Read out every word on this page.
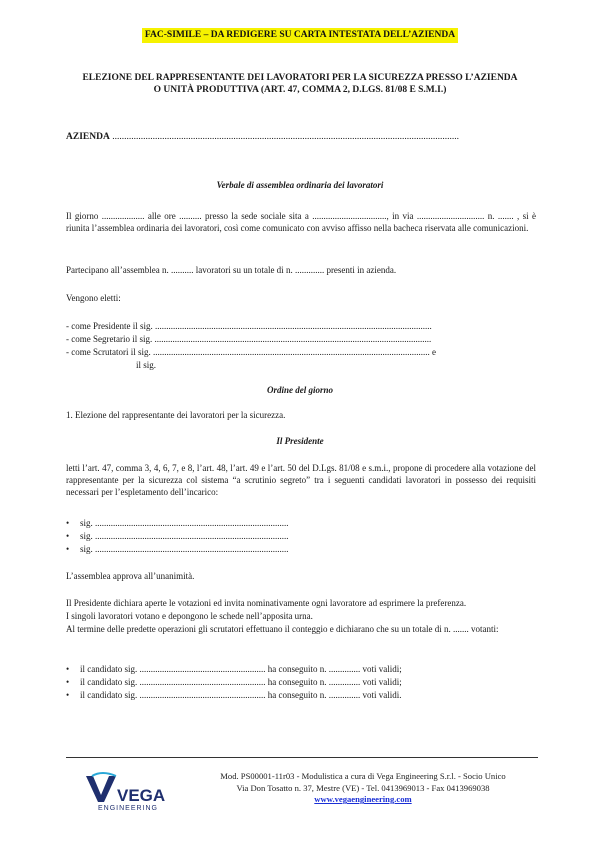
FAC-SIMILE – DA REDIGERE SU CARTA INTESTATA DELL’AZIENDA
ELEZIONE DEL RAPPRESENTANTE DEI LAVORATORI PER LA SICUREZZA PRESSO L’AZIENDA
O UNITÀ PRODUTTIVA (ART. 47, COMMA 2, D.LGS. 81/08 E S.M.I.)
AZIENDA ..................................................................................................................................................
Verbale di assemblea ordinaria dei lavoratori
Il giorno ................... alle ore .......... presso la sede sociale sita a ................................., in via .............................. n. ....... , si è riunita l’assemblea ordinaria dei lavoratori, così come comunicato con avviso affisso nella bacheca riservata alle comunicazioni.
Partecipano all’assemblea n. .......... lavoratori su un totale di n. ............. presenti in azienda.
Vengono eletti:
- come Presidente il sig. ...........................................................................................................................
- come Segretario il sig. ...........................................................................................................................
- come Scrutatori il sig. ........................................................................................................................... e
il sig.
Ordine del giorno
1. Elezione del rappresentante dei lavoratori per la sicurezza.
Il Presidente
letti l’art. 47, comma 3, 4, 6, 7, e 8, l’art. 48, l’art. 49 e l’art. 50 del D.Lgs. 81/08 e s.m.i., propone di procedere alla votazione del rappresentante per la sicurezza col sistema “a scrutinio segreto” tra i seguenti candidati lavoratori in possesso dei requisiti necessari per l’espletamento dell’incarico:
• sig. ......................................................................................
• sig. ......................................................................................
• sig. ......................................................................................
L’assemblea approva all’unanimità.
Il Presidente dichiara aperte le votazioni ed invita nominativamente ogni lavoratore ad esprimere la preferenza.
I singoli lavoratori votano e depongono le schede nell’apposita urna.
Al termine delle predette operazioni gli scrutatori effettuano il conteggio e dichiarano che su un totale di n. ....... votanti:
• il candidato sig. ........................................................ ha conseguito n. .............. voti validi;
• il candidato sig. ........................................................ ha conseguito n. .............. voti validi;
• il candidato sig. ........................................................ ha conseguito n. .............. voti validi.
VEGA
ENGINEERING
Mod. PS00001-11r03 - Modulistica a cura di Vega Engineering S.r.l. - Socio Unico
Via Don Tosatto n. 37, Mestre (VE) - Tel. 0413969013 - Fax 0413969038
www.vegaengineering.com
